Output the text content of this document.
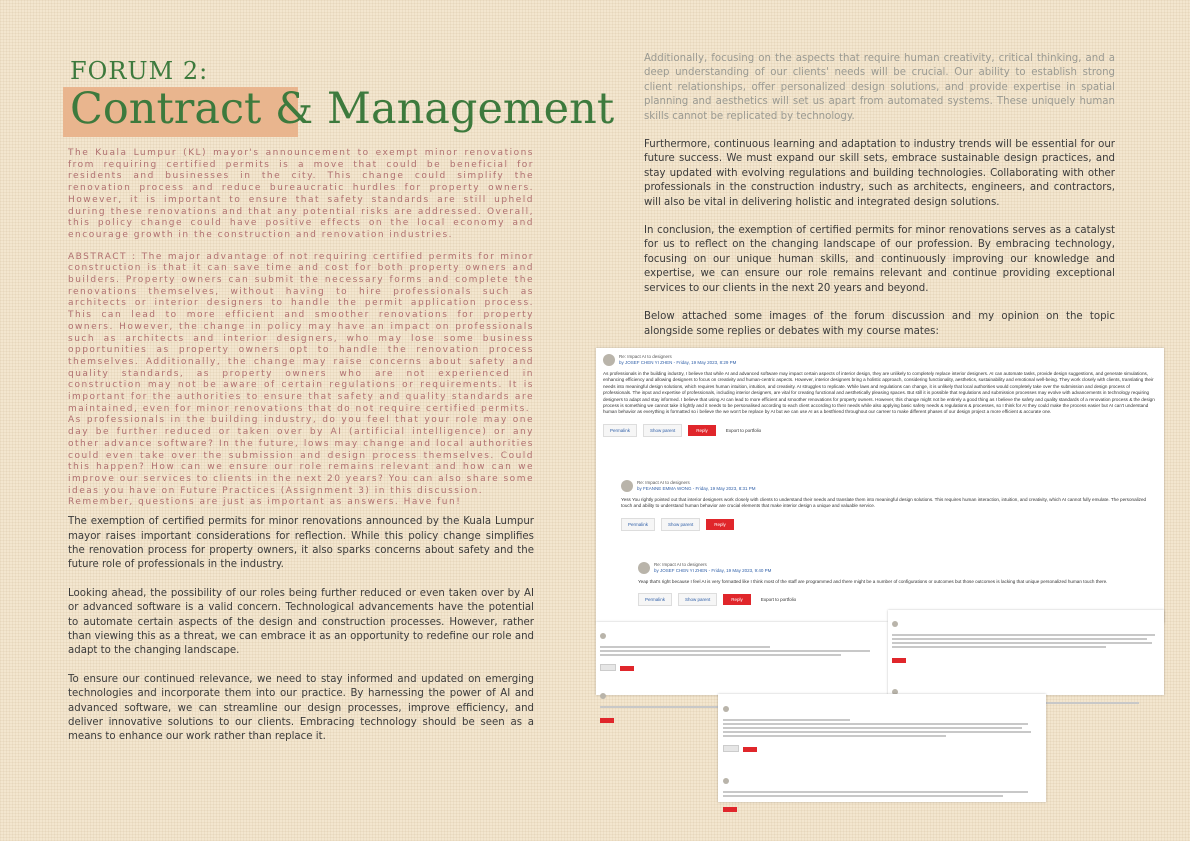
FORUM 2:
Contract & Management

The Kuala Lumpur (KL) mayor's announcement to exempt minor renovations from requiring certified permits is a move that could be beneficial for residents and businesses in the city. This change could simplify the renovation process and reduce bureaucratic hurdles for property owners. However, it is important to ensure that safety standards are still upheld during these renovations and that any potential risks are addressed. Overall, this policy change could have positive effects on the local economy and encourage growth in the construction and renovation industries.

ABSTRACT : The major advantage of not requiring certified permits for minor construction is that it can save time and cost for both property owners and builders. Property owners can submit the necessary forms and complete the renovations themselves, without having to hire professionals such as architects or interior designers to handle the permit application process. This can lead to more efficient and smoother renovations for property owners. However, the change in policy may have an impact on professionals such as architects and interior designers, who may lose some business opportunities as property owners opt to handle the renovation process themselves. Additionally, the change may raise concerns about safety and quality standards, as property owners who are not experienced in construction may not be aware of certain regulations or requirements. It is important for the authorities to ensure that safety and quality standards are maintained, even for minor renovations that do not require certified permits.

As professionals in the building industry, do you feel that your role may one day be further reduced or taken over by AI (artificial intelligence) or any other advance software? In the future, lows may change and local authorities could even take over the submission and design process themselves. Could this happen? How can we ensure our role remains relevant and how can we improve our services to clients in the next 20 years? You can also share some ideas you have on Future Practices (Assignment 3) in this discussion.

Remember, questions are just as important as answers. Have fun!

The exemption of certified permits for minor renovations announced by the Kuala Lumpur mayor raises important considerations for reflection. While this policy change simplifies the renovation process for property owners, it also sparks concerns about safety and the future role of professionals in the industry.

Looking ahead, the possibility of our roles being further reduced or even taken over by AI or advanced software is a valid concern. Technological advancements have the potential to automate certain aspects of the design and construction processes. However, rather than viewing this as a threat, we can embrace it as an opportunity to redefine our role and adapt to the changing landscape.

To ensure our continued relevance, we need to stay informed and updated on emerging technologies and incorporate them into our practice. By harnessing the power of AI and advanced software, we can streamline our design processes, improve efficiency, and deliver innovative solutions to our clients. Embracing technology should be seen as a means to enhance our work rather than replace it.

Additionally, focusing on the aspects that require human creativity, critical thinking, and a deep understanding of our clients' needs will be crucial. Our ability to establish strong client relationships, offer personalized design solutions, and provide expertise in spatial planning and aesthetics will set us apart from automated systems. These uniquely human skills cannot be replicated by technology.

Furthermore, continuous learning and adaptation to industry trends will be essential for our future success. We must expand our skill sets, embrace sustainable design practices, and stay updated with evolving regulations and building technologies. Collaborating with other professionals in the construction industry, such as architects, engineers, and contractors, will also be vital in delivering holistic and integrated design solutions.

In conclusion, the exemption of certified permits for minor renovations serves as a catalyst for us to reflect on the changing landscape of our profession. By embracing technology, focusing on our unique human skills, and continuously improving our knowledge and expertise, we can ensure our role remains relevant and continue providing exceptional services to our clients in the next 20 years and beyond.

Below attached some images of the forum discussion and my opinion on the topic alongside some replies or debates with my course mates:

Re: Impact AI to designers
by JOSEF CHEN YI ZHEN - Friday, 19 May 2023, 8:29 PM
As professionals in the building industry, I believe that while AI and advanced software may impact certain aspects of interior design, they are unlikely to completely replace interior designers. AI can automate tasks, provide design suggestions, and generate simulations, enhancing efficiency and allowing designers to focus on creativity and human-centric aspects. However, interior designers bring a holistic approach, considering functionality, aesthetics, sustainability and emotional well-being. They work closely with clients, translating their needs into meaningful design solutions, which requires human intuition, intuition, and creativity. AI struggles to replicate. While laws and regulations can change, it is unlikely that local authorities would completely take over the submission and design process of professionals. The input and expertise of professionals, including interior designers, are vital for creating functional and aesthetically pleasing spaces. But still it is possible that regulations and submission processes may evolve with advancements in technology requiring designers to adapt and stay informed. I believe that using AI can lead to more efficient and smoother renovations for property owners. However, this change might not be entirely a good thing as I believe the safety and quality standards of a renovation process & the design process is something we cannot take it lightly and it needs to be personalised according to each client according to their needs while also applying basic safety needs & regulations & processes, so I think for AI they could make the process easier but AI can't understand human behavior as everything is formatted so i believe the we won't be replace by AI but we can use AI as a bestfriend throughout our carreer to make different phases of our design project a more efficient & accurate one.
Permalink	Show parent	Reply	Export to portfolio
Re: Impact AI to designers
by FEANNE EMMA WONG - Friday, 19 May 2023, 8:31 PM
Yess You rightly pointed out that interior designers work closely with clients to understand their needs and translate them into meaningful design solutions. This requires human interaction, intuition, and creativity, which AI cannot fully emulate. The personalized touch and ability to understand human behavior are crucial elements that make interior design a unique and valuable service.
Permalink	Show parent	Reply
Re: Impact AI to designers
by JOSEF CHEN YI ZHEN - Friday, 19 May 2023, 9:40 PM
Yeap that's right because I feel AI is very formatted like I think most of the staff are programmed and there might be a number of configurations or outcomes but those outcomes is lacking that unique personalized human touch there.
Permalink	Show parent	Reply	Export to portfolio
